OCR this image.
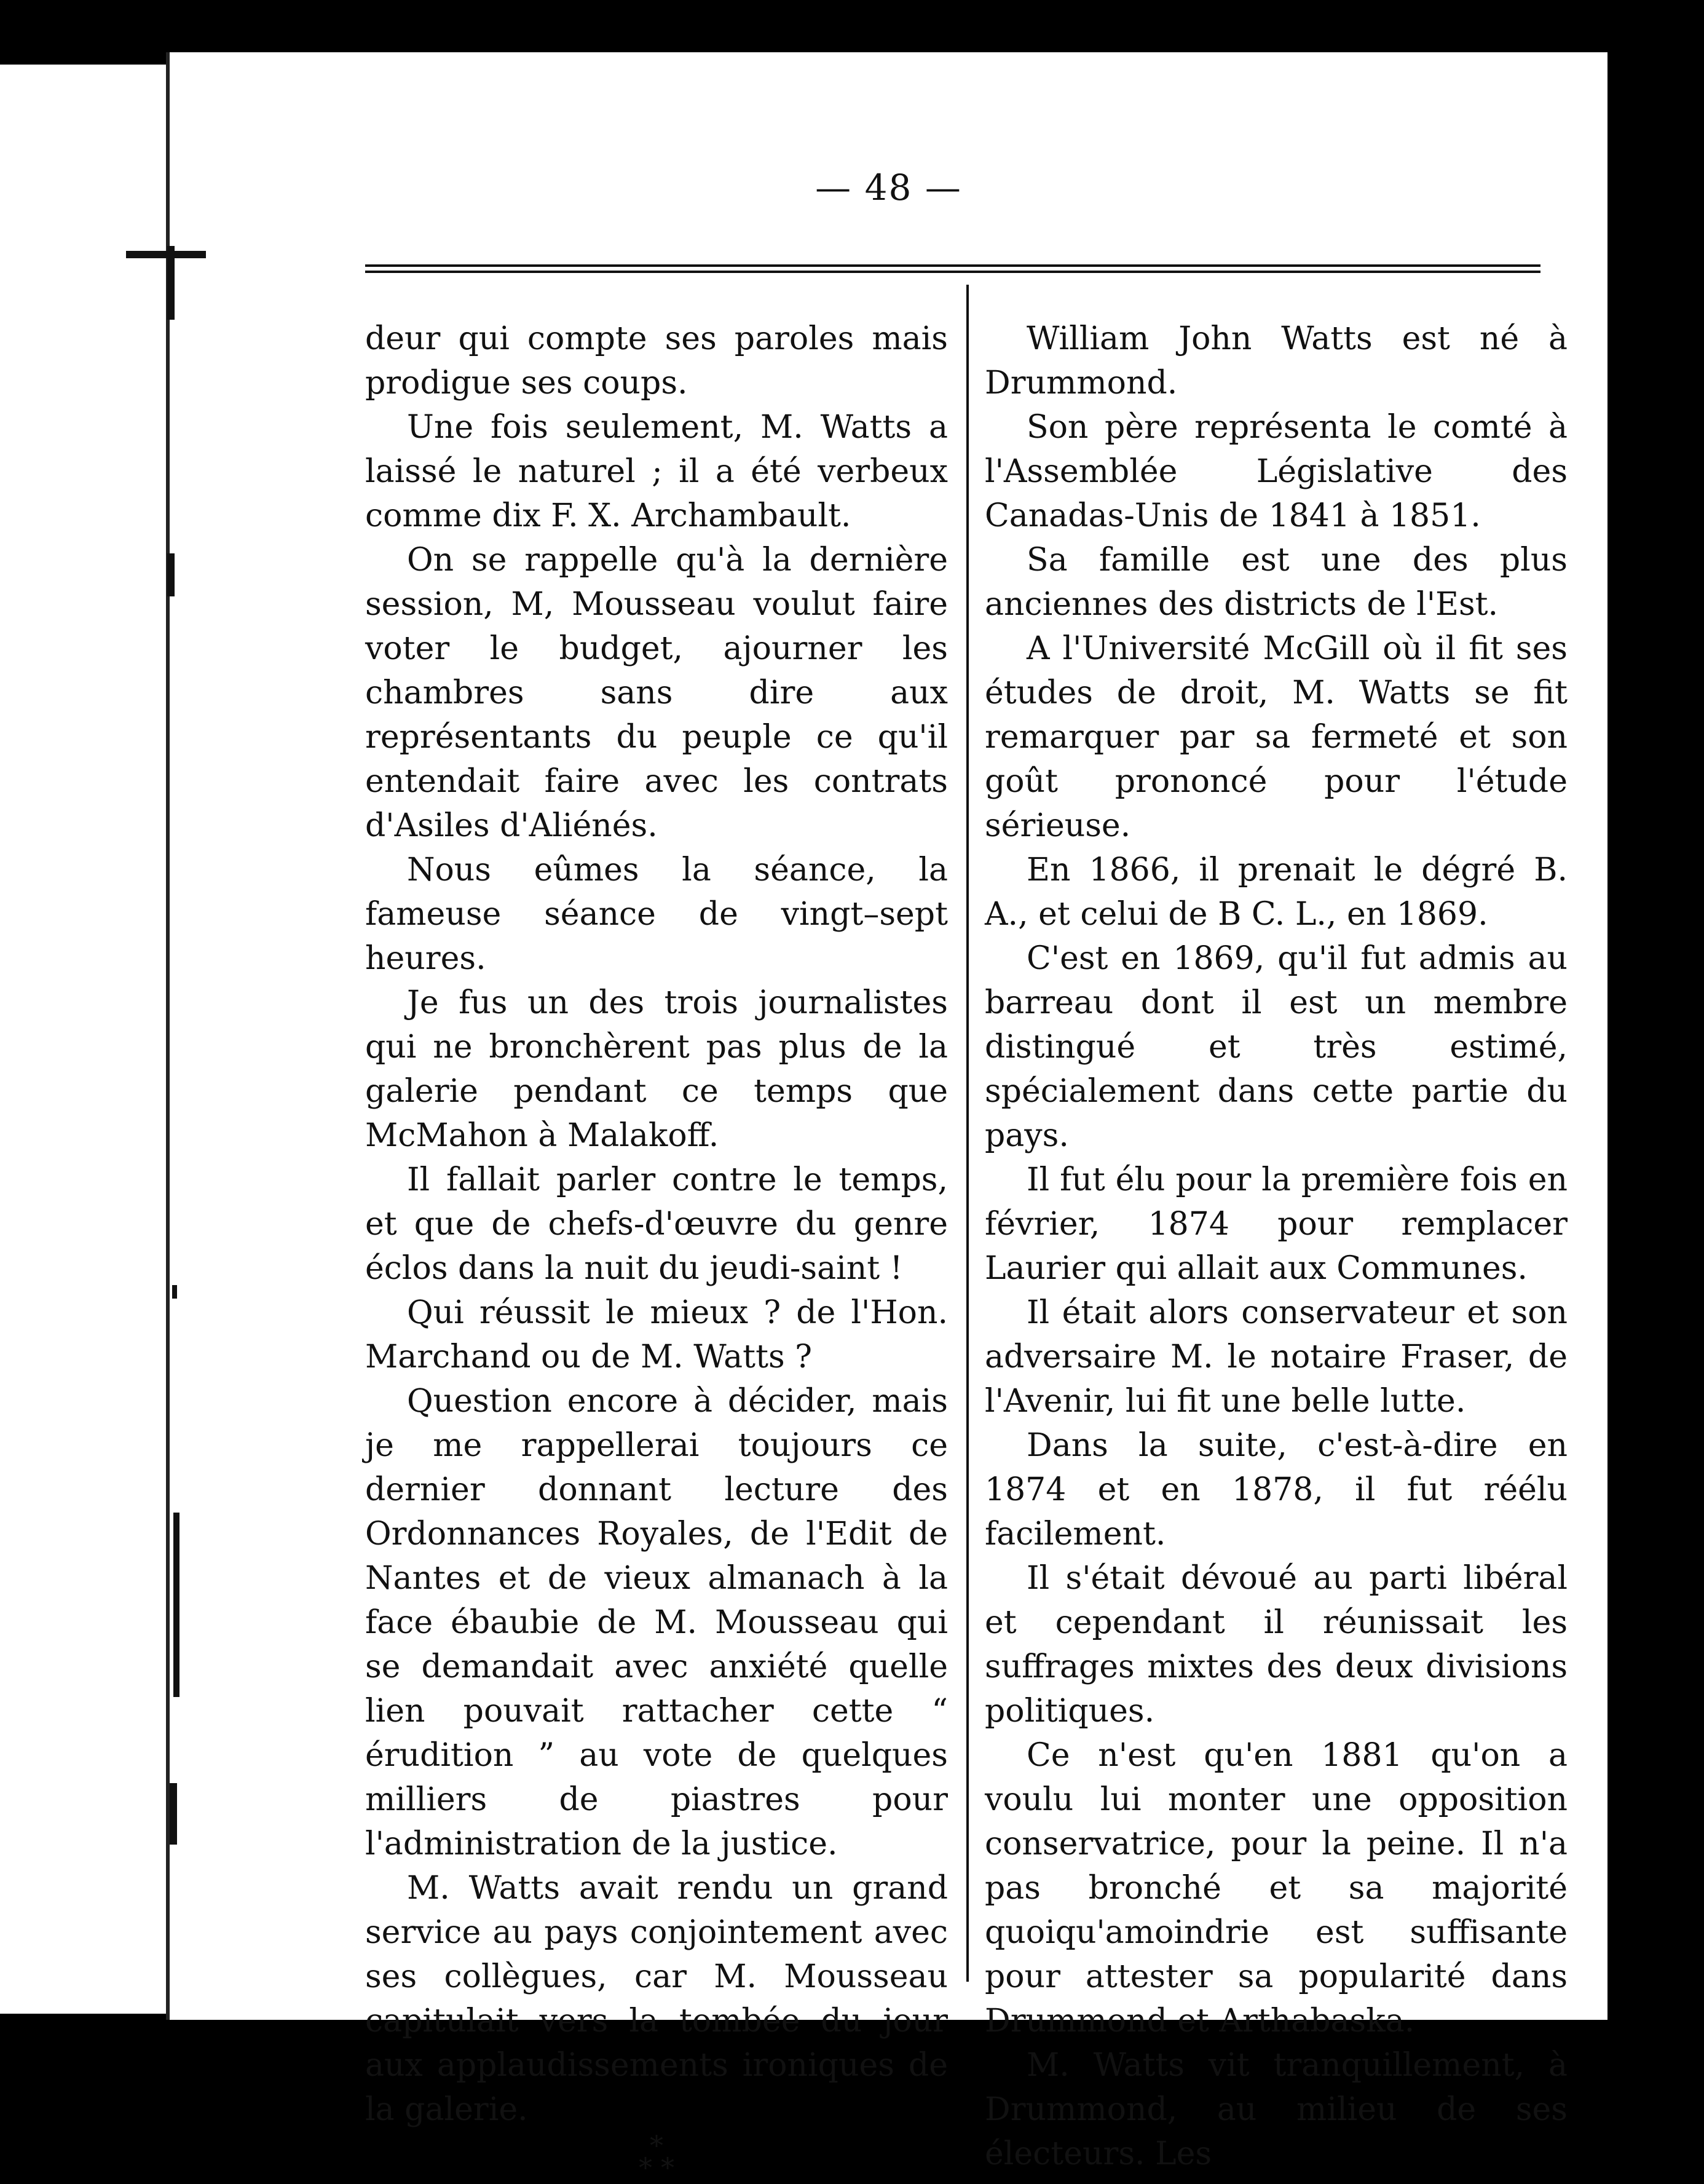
— 48 —

deur qui compte ses paroles mais prodigue ses coups.

Une fois seulement, M. Watts a laissé le naturel ; il a été verbeux comme dix F. X. Archambault.

On se rappelle qu'à la dernière session, M, Mousseau voulut faire voter le budget, ajourner les chambres sans dire aux représentants du peuple ce qu'il entendait faire avec les contrats d'Asiles d'Aliénés.

Nous eûmes la séance, la fameuse séance de vingt–sept heures.

Je fus un des trois journalistes qui ne bronchèrent pas plus de la galerie pendant ce temps que McMahon à Malakoff.

Il fallait parler contre le temps, et que de chefs-d'œuvre du genre éclos dans la nuit du jeudi-saint !

Qui réussit le mieux ? de l'Hon. Marchand ou de M. Watts ?

Question encore à décider, mais je me rappellerai toujours ce dernier donnant lecture des Ordonnances Royales, de l'Edit de Nantes et de vieux almanach à la face ébaubie de M. Mousseau qui se demandait avec anxiété quelle lien pouvait rattacher cette “ érudition ” au vote de quelques milliers de piastres pour l'administration de la justice.

M. Watts avait rendu un grand service au pays conjointement avec ses collègues, car M. Mousseau capitulait vers la tombée du jour aux applaudissements ironiques de la galerie.

*
* *

William John Watts est né à Drummond.

Son père représenta le comté à l'Assemblée Législative des Canadas-Unis de 1841 à 1851.

Sa famille est une des plus anciennes des districts de l'Est.

A l'Université McGill où il fit ses études de droit, M. Watts se fit remarquer par sa fermeté et son goût prononcé pour l'étude sérieuse.

En 1866, il prenait le dégré B. A., et celui de B C. L., en 1869.

C'est en 1869, qu'il fut admis au barreau dont il est un membre distingué et très estimé, spécialement dans cette partie du pays.

Il fut élu pour la première fois en février, 1874 pour remplacer Laurier qui allait aux Communes.

Il était alors conservateur et son adversaire M. le notaire Fraser, de l'Avenir, lui fit une belle lutte.

Dans la suite, c'est-à-dire en 1874 et en 1878, il fut réélu facilement.

Il s'était dévoué au parti libéral et cependant il réunissait les suffrages mixtes des deux divisions politiques.

Ce n'est qu'en 1881 qu'on a voulu lui monter une opposition conservatrice, pour la peine. Il n'a pas bronché et sa majorité quoiqu'amoindrie est suffisante pour attester sa popularité dans Drummond et Arthabaska.

M. Watts vit tranquillement, à Drummond, au milieu de ses électeurs. Les
